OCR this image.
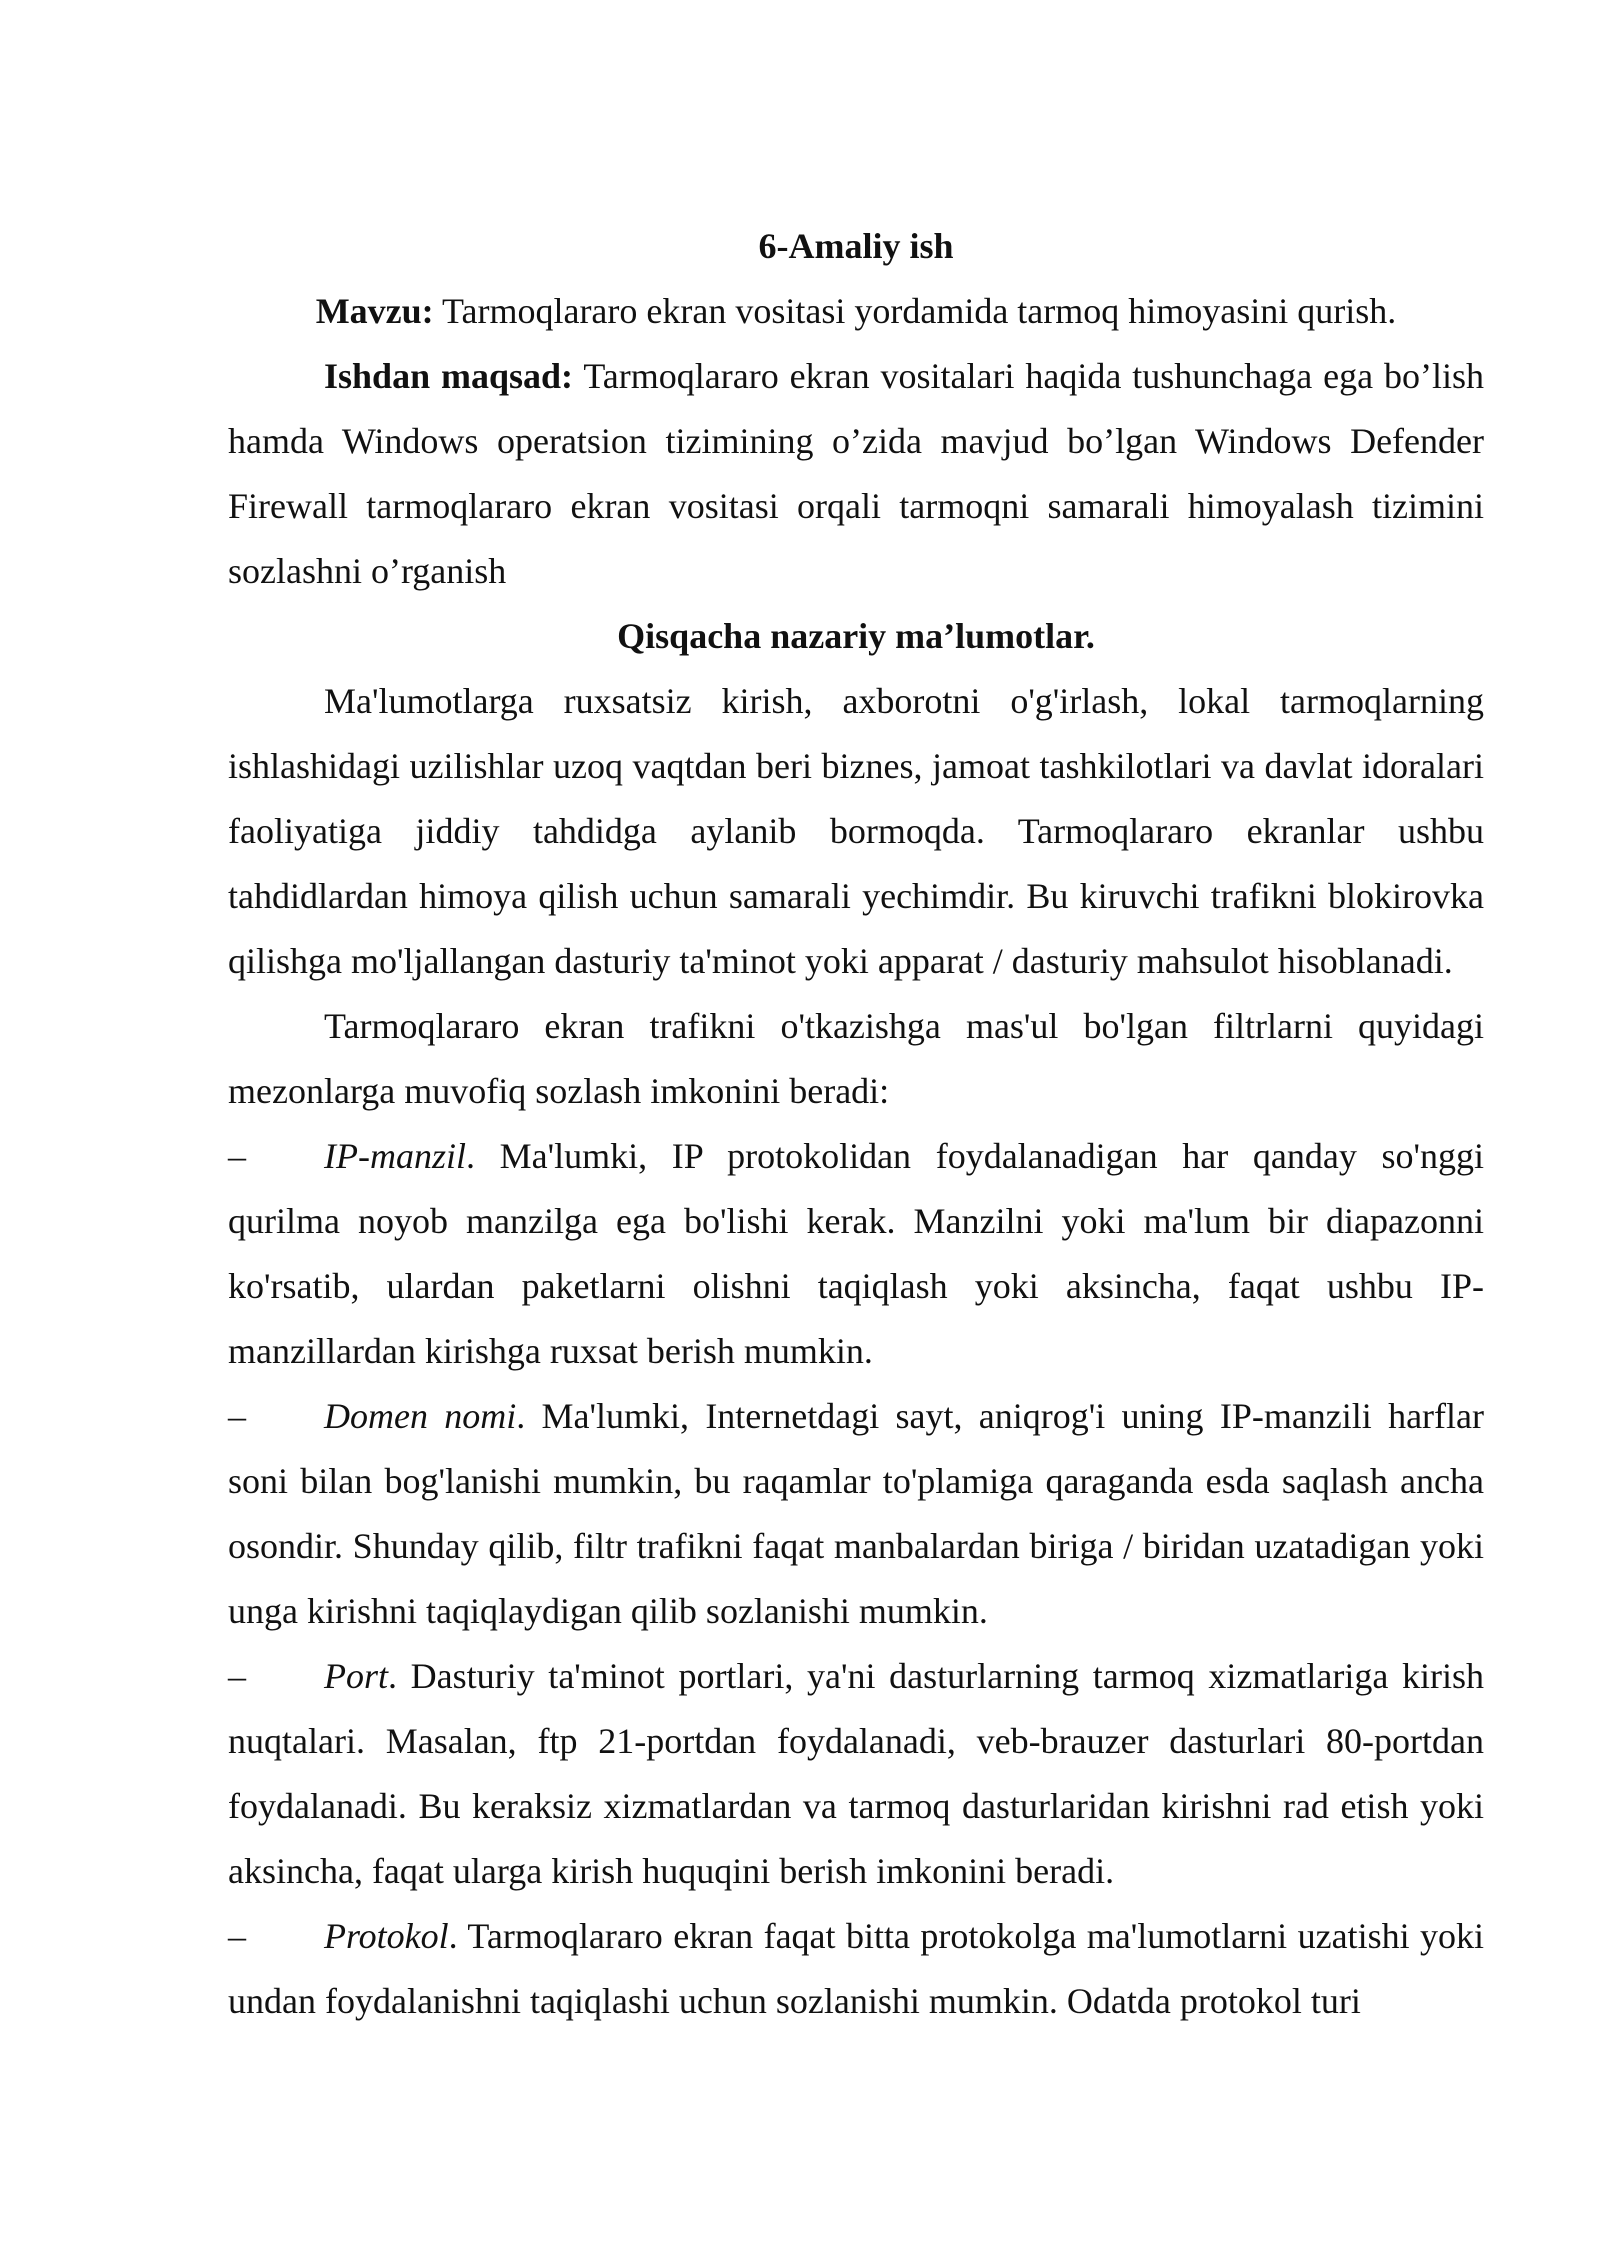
6-Amaliy ish

Mavzu: Tarmoqlararo ekran vositasi yordamida tarmoq himoyasini qurish.

Ishdan maqsad: Tarmoqlararo ekran vositalari haqida tushunchaga ega bo’lish hamda Windows operatsion tizimining o’zida mavjud bo’lgan Windows Defender Firewall tarmoqlararo ekran vositasi orqali tarmoqni samarali himoyalash tizimini sozlashni o’rganish

Qisqacha nazariy ma’lumotlar.

Ma'lumotlarga ruxsatsiz kirish, axborotni o'g'irlash, lokal tarmoqlarning ishlashidagi uzilishlar uzoq vaqtdan beri biznes, jamoat tashkilotlari va davlat idoralari faoliyatiga jiddiy tahdidga aylanib bormoqda. Tarmoqlararo ekranlar ushbu tahdidlardan himoya qilish uchun samarali yechimdir. Bu kiruvchi trafikni blokirovka qilishga mo'ljallangan dasturiy ta'minot yoki apparat / dasturiy mahsulot hisoblanadi.

Tarmoqlararo ekran trafikni o'tkazishga mas'ul bo'lgan filtrlarni quyidagi mezonlarga muvofiq sozlash imkonini beradi:

– IP-manzil. Ma'lumki, IP protokolidan foydalanadigan har qanday so'nggi qurilma noyob manzilga ega bo'lishi kerak. Manzilni yoki ma'lum bir diapazonni ko'rsatib, ulardan paketlarni olishni taqiqlash yoki aksincha, faqat ushbu IP-manzillardan kirishga ruxsat berish mumkin.

– Domen nomi. Ma'lumki, Internetdagi sayt, aniqrog'i uning IP-manzili harflar soni bilan bog'lanishi mumkin, bu raqamlar to'plamiga qaraganda esda saqlash ancha osondir. Shunday qilib, filtr trafikni faqat manbalardan biriga / biridan uzatadigan yoki unga kirishni taqiqlaydigan qilib sozlanishi mumkin.

– Port. Dasturiy ta'minot portlari, ya'ni dasturlarning tarmoq xizmatlariga kirish nuqtalari. Masalan, ftp 21-portdan foydalanadi, veb-brauzer dasturlari 80-portdan foydalanadi. Bu keraksiz xizmatlardan va tarmoq dasturlaridan kirishni rad etish yoki aksincha, faqat ularga kirish huquqini berish imkonini beradi.

– Protokol. Tarmoqlararo ekran faqat bitta protokolga ma'lumotlarni uzatishi yoki undan foydalanishni taqiqlashi uchun sozlanishi mumkin. Odatda protokol turi
